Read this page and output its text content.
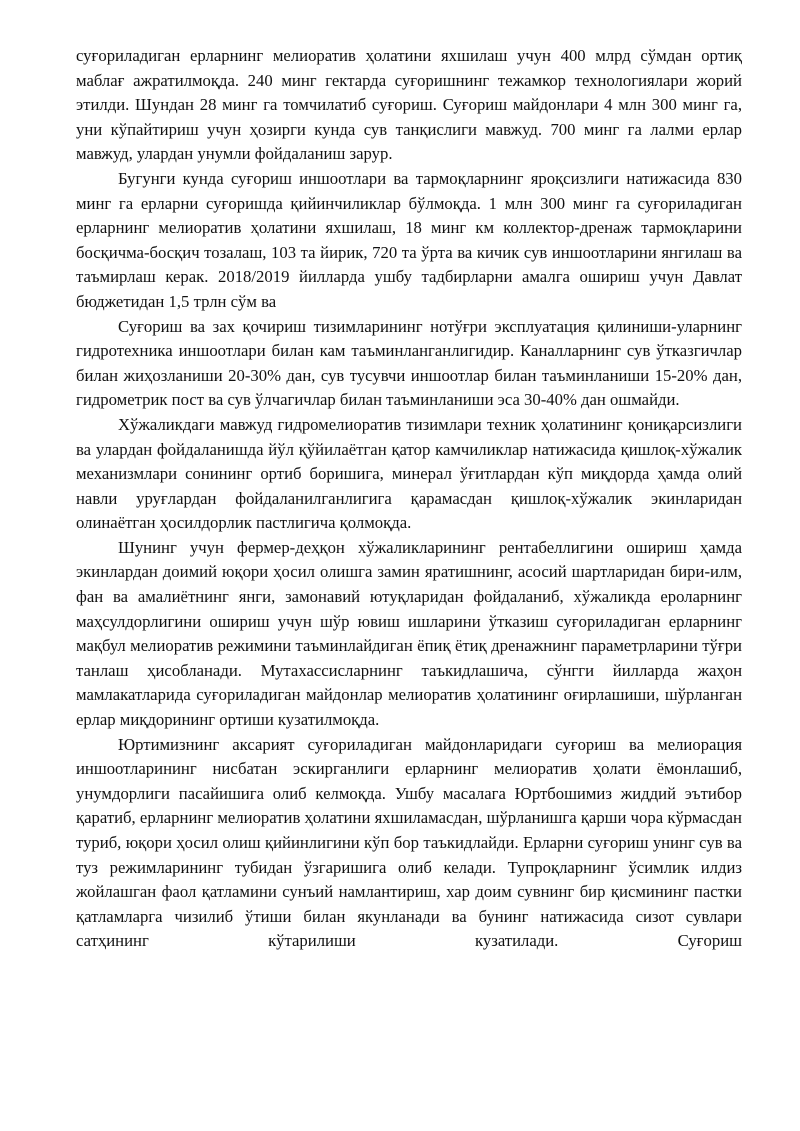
суғориладиган ерларнинг мелиоратив ҳолатини яхшилаш учун 400 млрд сўмдан ортиқ маблағ ажратилмоқда. 240 минг гектарда суғоришнинг тежамкор технологиялари жорий этилди. Шундан 28 минг га томчилатиб суғориш. Суғориш майдонлари 4 млн 300 минг га, уни кўпайтириш учун ҳозирги кунда сув танқислиги мавжуд. 700 минг га лалми ерлар мавжуд, улардан унумли фойдаланиш зарур.

Бугунги кунда суғориш иншоотлари ва тармоқларнинг яроқсизлиги натижасида 830 минг га ерларни суғоришда қийинчиликлар бўлмоқда. 1 млн 300 минг га суғориладиган ерларнинг мелиоратив ҳолатини яхшилаш, 18 минг км коллектор-дренаж тармоқларини босқичма-босқич тозалаш, 103 та йирик, 720 та ўрта ва кичик сув иншоотларини янгилаш ва таъмирлаш керак. 2018/2019 йилларда ушбу тадбирларни амалга ошириш учун Давлат бюджетидан 1,5 трлн сўм ва

Суғориш ва зах қочириш тизимларининг нотўғри эксплуатация қилиниши-уларнинг гидротехника иншоотлари билан кам таъминланганлигидир. Каналларнинг сув ўтказгичлар билан жиҳозланиши 20-30% дан, сув тусувчи иншоотлар билан таъминланиши 15-20% дан, гидрометрик пост ва сув ўлчагичлар билан таъминланиши эса 30-40% дан ошмайди.

Хўжаликдаги мавжуд гидромелиоратив тизимлари техник ҳолатининг қониқарсизлиги ва улардан фойдаланишда йўл қўйилаётган қатор камчиликлар натижасида қишлоқ-хўжалик механизмлари сонининг ортиб боришига, минерал ўғитлардан кўп миқдорда ҳамда олий навли уруғлардан фойдаланилганлигига қарамасдан қишлоқ-хўжалик экинларидан олинаётган ҳосилдорлик пастлигича қолмоқда.

Шунинг учун фермер-деҳқон хўжаликларининг рентабеллигини ошириш ҳамда экинлардан доимий юқори ҳосил олишга замин яратишнинг, асосий шартларидан бири-илм, фан ва амалиётнинг янги, замонавий ютуқларидан фойдаланиб, хўжаликда ероларнинг маҳсулдорлигини ошириш учун шўр ювиш ишларини ўтказиш суғориладиган ерларнинг мақбул мелиоратив режимини таъминлайдиган ёпиқ ётиқ дренажнинг параметрларини тўғри танлаш ҳисобланади. Мутахассисларнинг таъкидлашича, сўнгги йилларда жаҳон мамлакатларида суғориладиган майдонлар мелиоратив ҳолатининг оғирлашиши, шўрланган ерлар миқдорининг ортиши кузатилмоқда.

Юртимизнинг аксарият суғориладиган майдонларидаги суғориш ва мелиорация иншоотларининг нисбатан эскирганлиги ерларнинг мелиоратив ҳолати ёмонлашиб, унумдорлиги пасайишига олиб келмоқда. Ушбу масалага Юртбошимиз жиддий эътибор қаратиб, ерларнинг мелиоратив ҳолатини яхшиламасдан, шўрланишга қарши чора кўрмасдан туриб, юқори ҳосил олиш қийинлигини кўп бор таъкидлайди. Ерларни суғориш унинг сув ва туз режимларининг тубидан ўзгаришига олиб келади. Тупроқларнинг ўсимлик илдиз жойлашган фаол қатламини сунъий намлантириш, хар доим сувнинг бир қисмининг пастки қатламларга чизилиб ўтиши билан якунланади ва бунинг натижасида сизот сувлари сатҳининг кўтарилиши кузатилади. Суғориш
